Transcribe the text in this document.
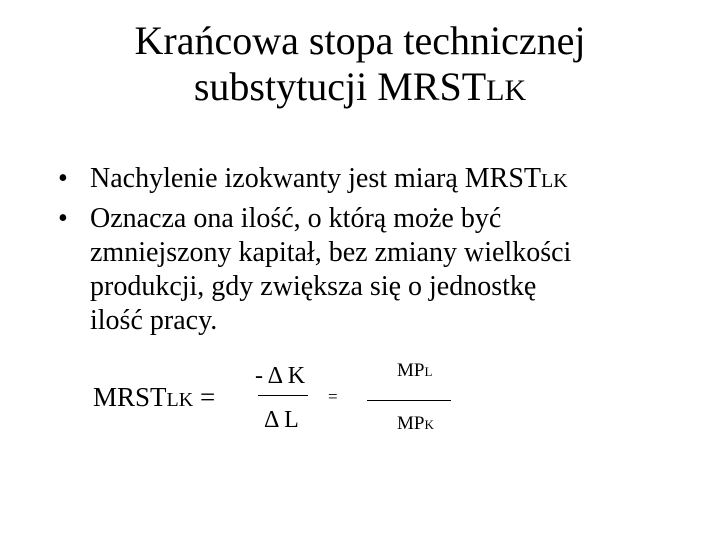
Krańcowa stopa technicznej
substytucji MRSTLK
• Nachylenie izokwanty jest miarą MRSTLK
• Oznacza ona ilość, o którą może być
zmniejszony kapitał, bez zmiany wielkości
produkcji, gdy zwiększa się o jednostkę
ilość pracy.
MRSTLK =
- Δ K
Δ L
=
MPL
MPK
